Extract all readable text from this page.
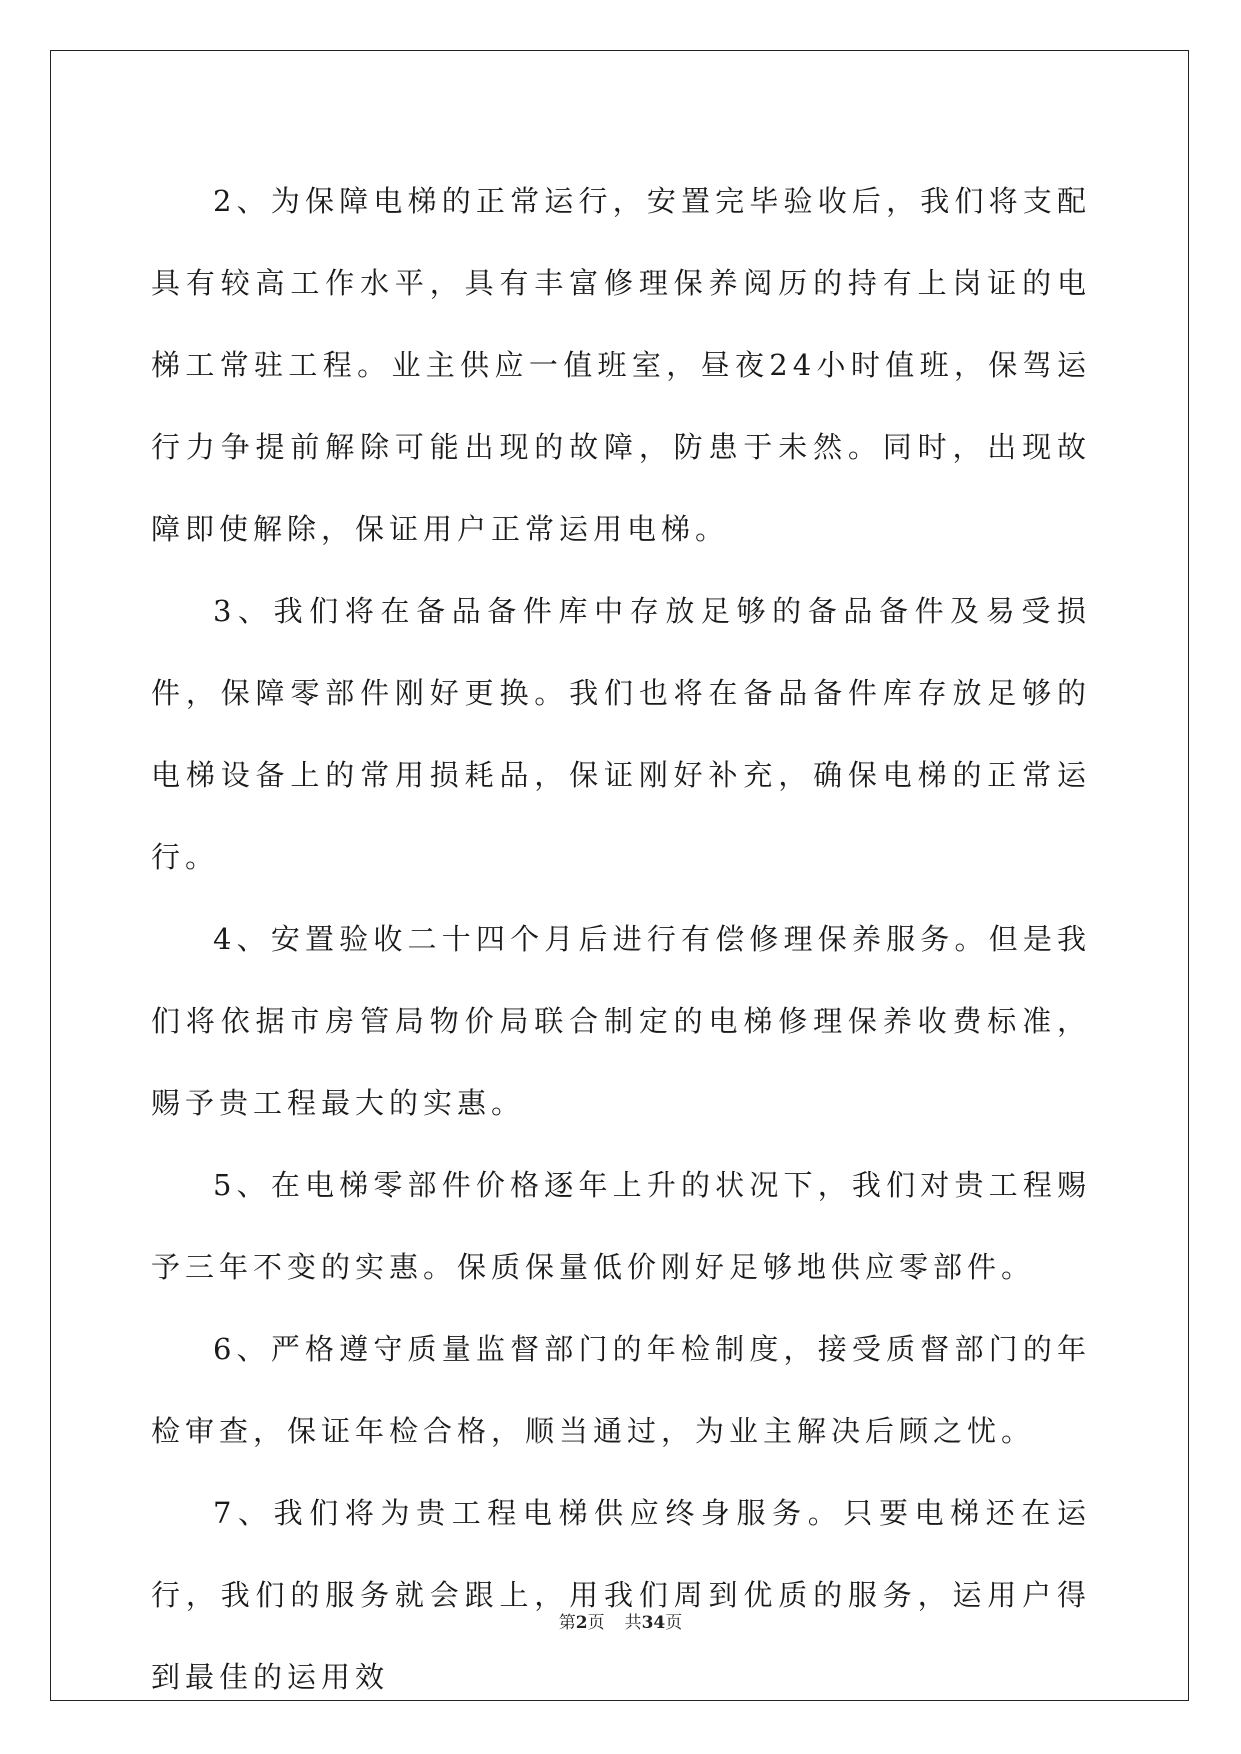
2、为保障电梯的正常运行，安置完毕验收后，我们将支配具有较高工作水平，具有丰富修理保养阅历的持有上岗证的电梯工常驻工程。业主供应一值班室，昼夜24小时值班，保驾运行力争提前解除可能出现的故障，防患于未然。同时，出现故障即使解除，保证用户正常运用电梯。

3、我们将在备品备件库中存放足够的备品备件及易受损件，保障零部件刚好更换。我们也将在备品备件库存放足够的电梯设备上的常用损耗品，保证刚好补充，确保电梯的正常运行。

4、安置验收二十四个月后进行有偿修理保养服务。但是我们将依据市房管局物价局联合制定的电梯修理保养收费标准，赐予贵工程最大的实惠。

5、在电梯零部件价格逐年上升的状况下，我们对贵工程赐予三年不变的实惠。保质保量低价刚好足够地供应零部件。

6、严格遵守质量监督部门的年检制度，接受质督部门的年检审查，保证年检合格，顺当通过，为业主解决后顾之忧。

7、我们将为贵工程电梯供应终身服务。只要电梯还在运行，我们的服务就会跟上，用我们周到优质的服务，运用户得到最佳的运用效

第2页 共34页
